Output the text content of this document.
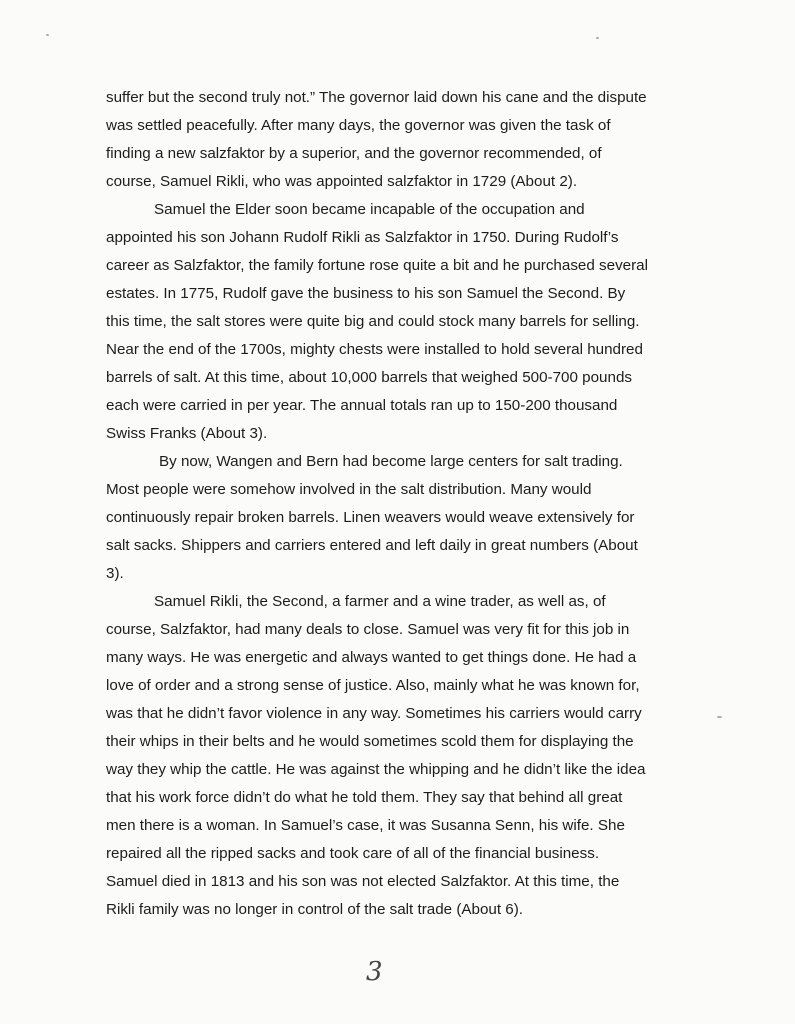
suffer but the second truly not.” The governor laid down his cane and the dispute
was settled peacefully. After many days, the governor was given the task of
finding a new salzfaktor by a superior, and the governor recommended, of
course, Samuel Rikli, who was appointed salzfaktor in 1729 (About 2).
Samuel the Elder soon became incapable of the occupation and
appointed his son Johann Rudolf Rikli as Salzfaktor in 1750. During Rudolf’s
career as Salzfaktor, the family fortune rose quite a bit and he purchased several
estates. In 1775, Rudolf gave the business to his son Samuel the Second. By
this time, the salt stores were quite big and could stock many barrels for selling.
Near the end of the 1700s, mighty chests were installed to hold several hundred
barrels of salt. At this time, about 10,000 barrels that weighed 500-700 pounds
each were carried in per year. The annual totals ran up to 150-200 thousand
Swiss Franks (About 3).
By now, Wangen and Bern had become large centers for salt trading.
Most people were somehow involved in the salt distribution. Many would
continuously repair broken barrels. Linen weavers would weave extensively for
salt sacks. Shippers and carriers entered and left daily in great numbers (About
3).
Samuel Rikli, the Second, a farmer and a wine trader, as well as, of
course, Salzfaktor, had many deals to close. Samuel was very fit for this job in
many ways. He was energetic and always wanted to get things done. He had a
love of order and a strong sense of justice. Also, mainly what he was known for,
was that he didn’t favor violence in any way. Sometimes his carriers would carry
their whips in their belts and he would sometimes scold them for displaying the
way they whip the cattle. He was against the whipping and he didn’t like the idea
that his work force didn’t do what he told them. They say that behind all great
men there is a woman. In Samuel’s case, it was Susanna Senn, his wife. She
repaired all the ripped sacks and took care of all of the financial business.
Samuel died in 1813 and his son was not elected Salzfaktor. At this time, the
Rikli family was no longer in control of the salt trade (About 6).
3
